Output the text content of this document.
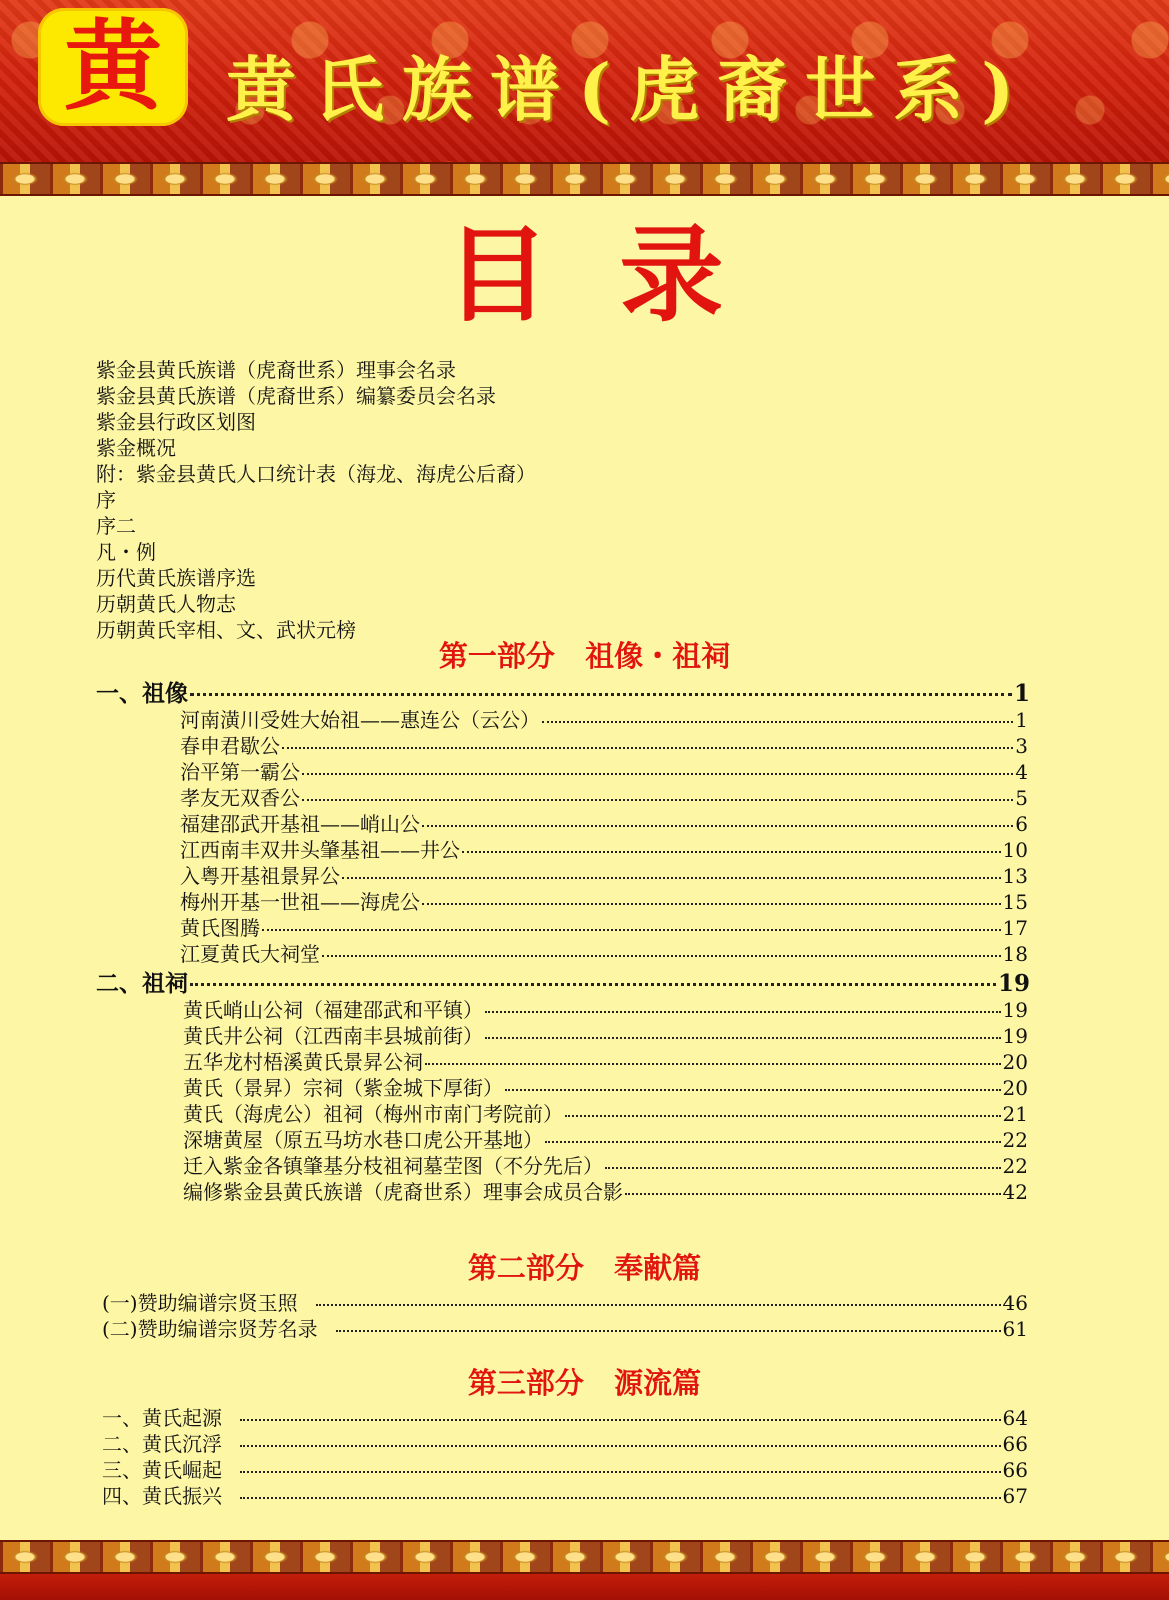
黄 黄氏族谱(虎裔世系)
目录
紫金县黄氏族谱（虎裔世系）理事会名录
紫金县黄氏族谱（虎裔世系）编纂委员会名录
紫金县行政区划图
紫金概况
附：紫金县黄氏人口统计表（海龙、海虎公后裔）
序
序二
凡・例
历代黄氏族谱序选
历朝黄氏人物志
历朝黄氏宰相、文、武状元榜
第一部分   祖像・祖祠
一、祖像	1
河南潢川受姓大始祖——惠连公（云公）	1
春申君歇公	3
治平第一霸公	4
孝友无双香公	5
福建邵武开基祖——峭山公	6
江西南丰双井头肇基祖——井公	10
入粤开基祖景昇公	13
梅州开基一世祖——海虎公	15
黄氏图腾	17
江夏黄氏大祠堂	18
二、祖祠	19
黄氏峭山公祠（福建邵武和平镇）	19
黄氏井公祠（江西南丰县城前街）	19
五华龙村梧溪黄氏景昇公祠	20
黄氏（景昇）宗祠（紫金城下厚街）	20
黄氏（海虎公）祖祠（梅州市南门考院前）	21
深塘黄屋（原五马坊水巷口虎公开基地）	22
迁入紫金各镇肇基分枝祖祠墓茔图（不分先后）	22
编修紫金县黄氏族谱（虎裔世系）理事会成员合影	42
第二部分   奉献篇
(一)赞助编谱宗贤玉照	46
(二)赞助编谱宗贤芳名录	61
第三部分   源流篇
一、黄氏起源	64
二、黄氏沉浮	66
三、黄氏崛起	66
四、黄氏振兴	67
